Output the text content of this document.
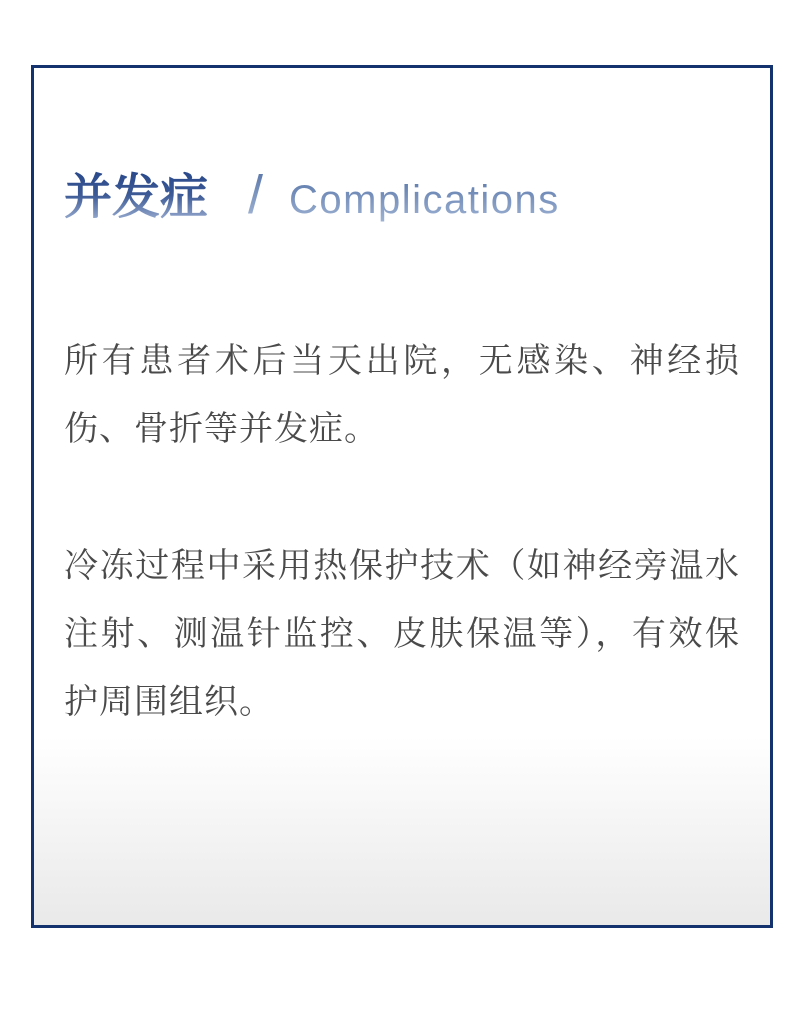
并发症 / Complications

所有患者术后当天出院，无感染、神经损伤、骨折等并发症。

冷冻过程中采用热保护技术（如神经旁温水注射、测温针监控、皮肤保温等），有效保护周围组织。
